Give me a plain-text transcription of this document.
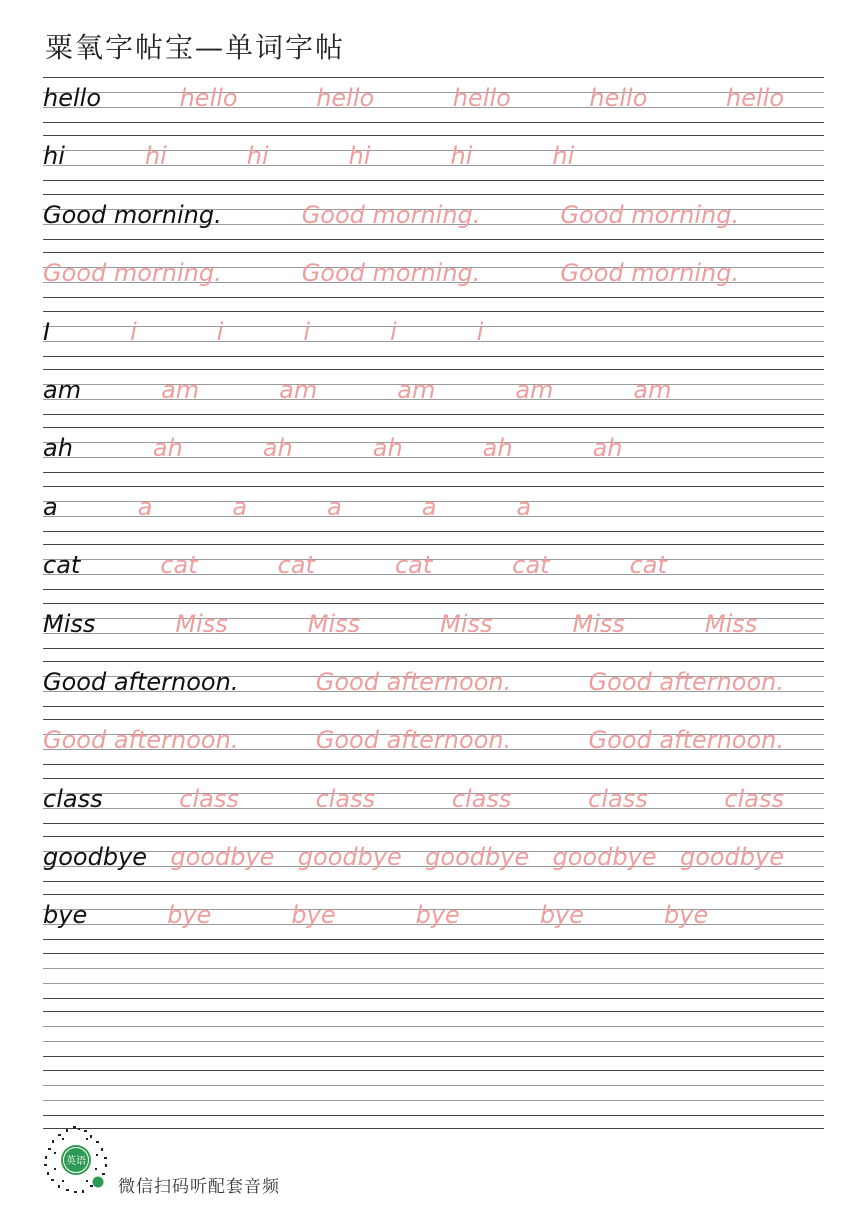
粟氧字帖宝—单词字帖
hello	hello	hello	hello	hello	hello
hi	hi	hi	hi	hi	hi
Good morning.	Good morning.	Good morning.
Good morning.	Good morning.	Good morning.
I	i	i	i	i	i
am	am	am	am	am	am
ah	ah	ah	ah	ah	ah
a	a	a	a	a	a
cat	cat	cat	cat	cat	cat
Miss	Miss	Miss	Miss	Miss	Miss
Good afternoon.	Good afternoon.	Good afternoon.
Good afternoon.	Good afternoon.	Good afternoon.
class	class	class	class	class	class
goodbye goodbye goodbye goodbye goodbye goodbye
bye	bye	bye	bye	bye	bye
英语
微信扫码听配套音频
